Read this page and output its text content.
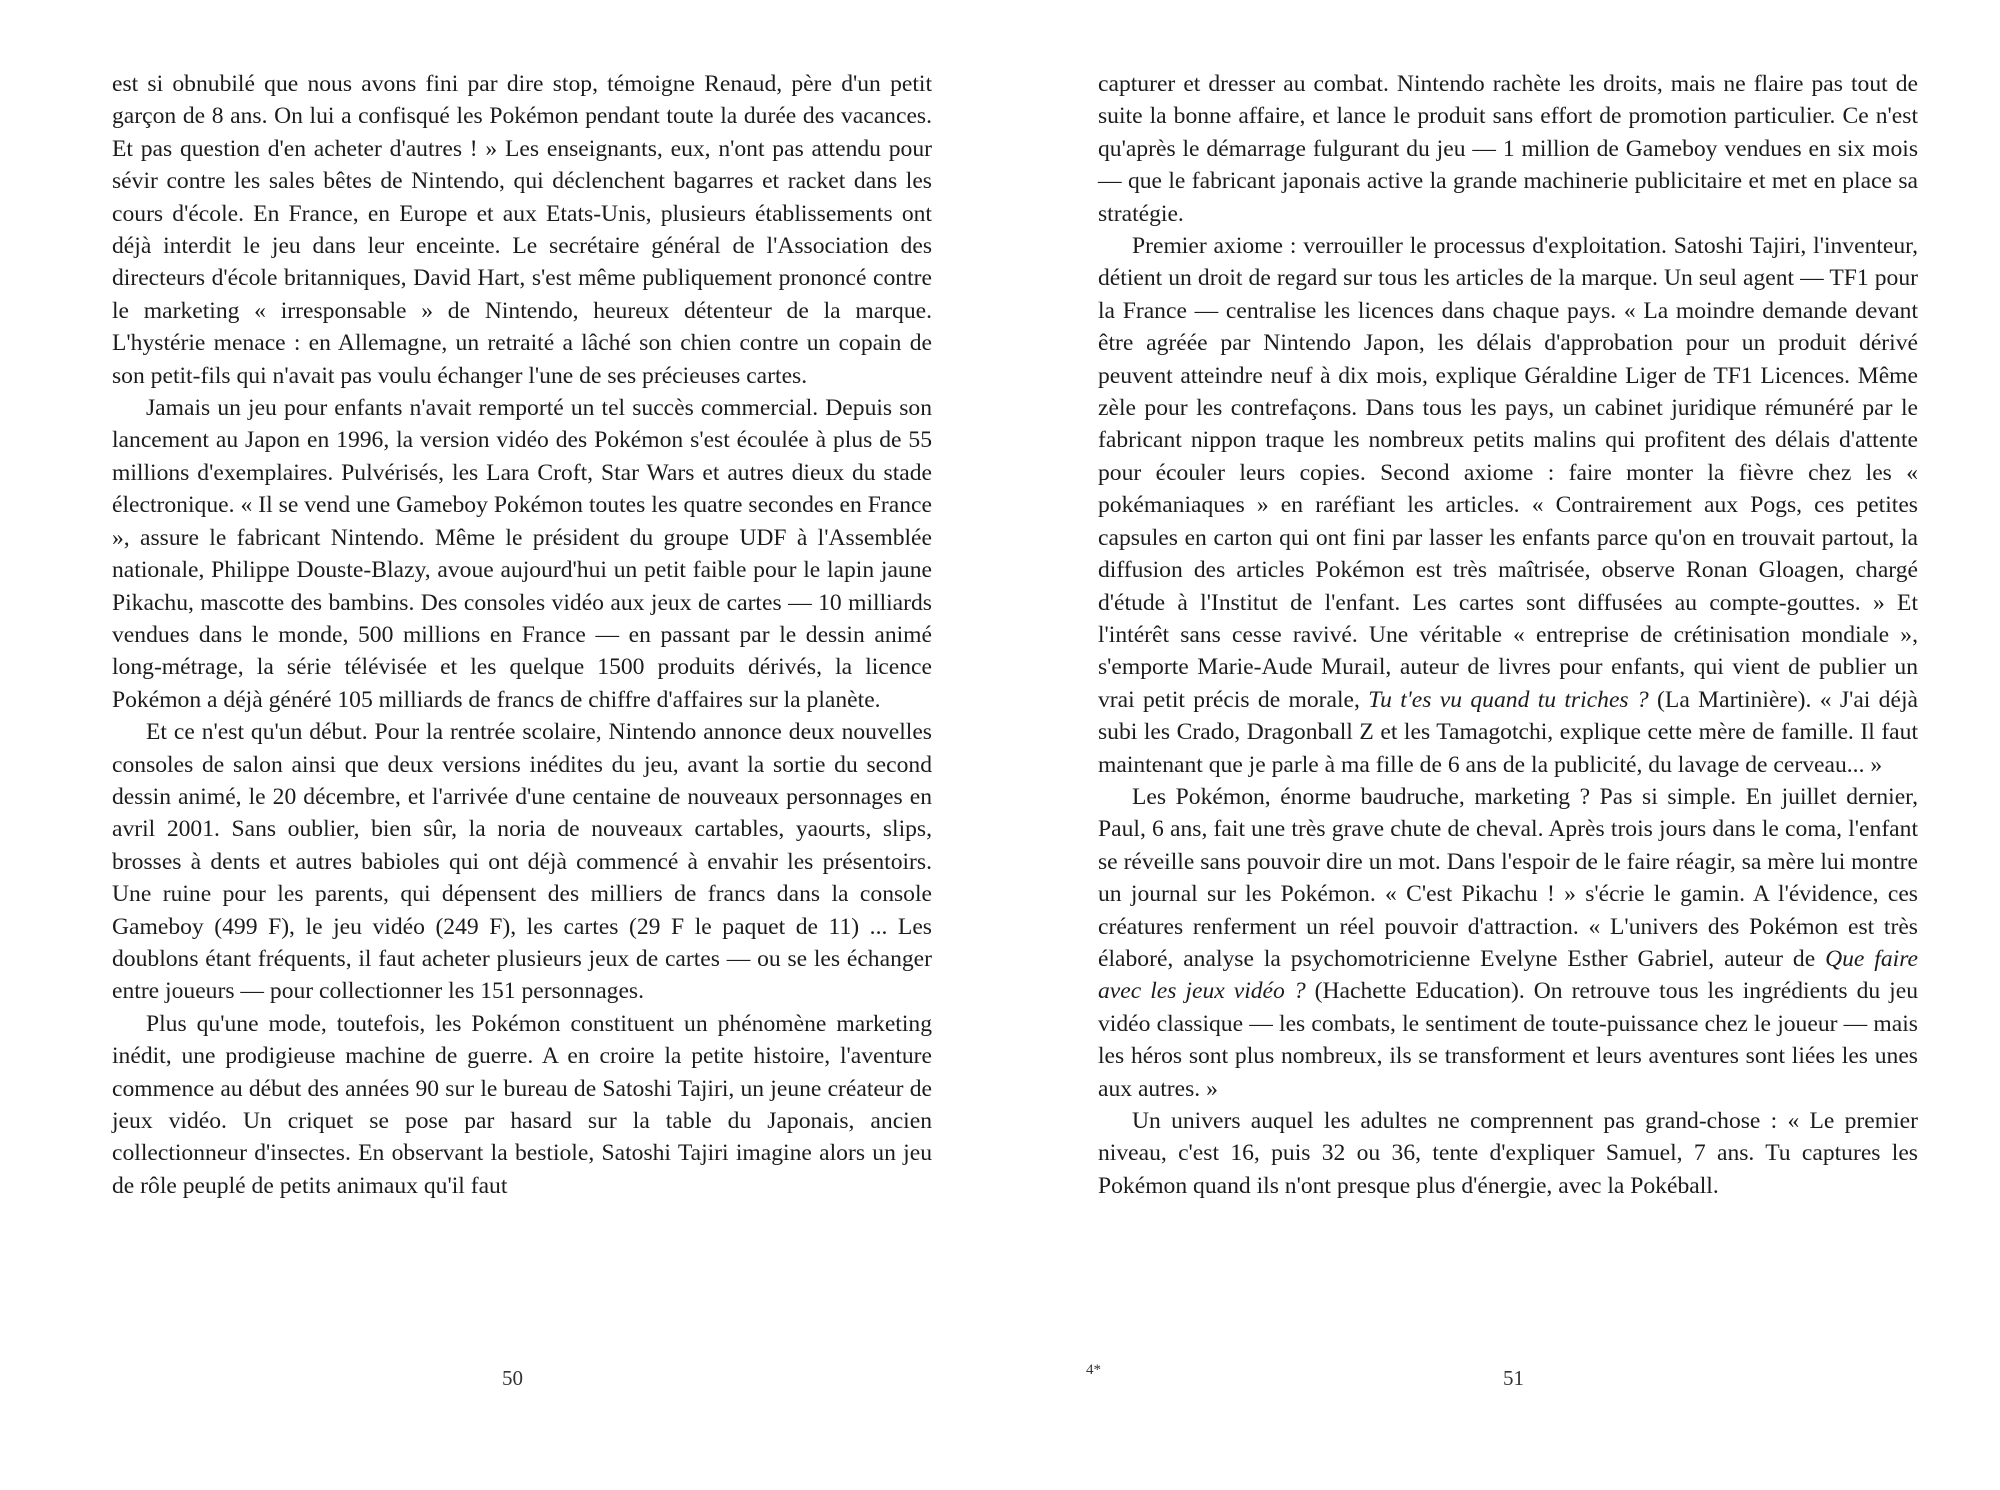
est si obnubilé que nous avons fini par dire stop, témoigne Renaud, père d'un petit garçon de 8 ans. On lui a confisqué les Pokémon pendant toute la durée des vacances. Et pas question d'en acheter d'autres ! » Les enseignants, eux, n'ont pas attendu pour sévir contre les sales bêtes de Nintendo, qui déclenchent bagarres et racket dans les cours d'école. En France, en Europe et aux Etats-Unis, plusieurs établissements ont déjà interdit le jeu dans leur enceinte. Le secrétaire général de l'Association des directeurs d'école britanniques, David Hart, s'est même publiquement prononcé contre le marketing « irresponsable » de Nintendo, heureux détenteur de la marque. L'hystérie menace : en Allemagne, un retraité a lâché son chien contre un copain de son petit-fils qui n'avait pas voulu échanger l'une de ses précieuses cartes.

Jamais un jeu pour enfants n'avait remporté un tel succès commercial. Depuis son lancement au Japon en 1996, la version vidéo des Pokémon s'est écoulée à plus de 55 millions d'exemplaires. Pulvérisés, les Lara Croft, Star Wars et autres dieux du stade électronique. « Il se vend une Gameboy Pokémon toutes les quatre secondes en France », assure le fabricant Nintendo. Même le président du groupe UDF à l'Assemblée nationale, Philippe Douste-Blazy, avoue aujourd'hui un petit faible pour le lapin jaune Pikachu, mascotte des bambins. Des consoles vidéo aux jeux de cartes — 10 milliards vendues dans le monde, 500 millions en France — en passant par le dessin animé long-métrage, la série télévisée et les quelque 1500 produits dérivés, la licence Pokémon a déjà généré 105 milliards de francs de chiffre d'affaires sur la planète.

Et ce n'est qu'un début. Pour la rentrée scolaire, Nintendo annonce deux nouvelles consoles de salon ainsi que deux versions inédites du jeu, avant la sortie du second dessin animé, le 20 décembre, et l'arrivée d'une centaine de nouveaux personnages en avril 2001. Sans oublier, bien sûr, la noria de nouveaux cartables, yaourts, slips, brosses à dents et autres babioles qui ont déjà commencé à envahir les présentoirs. Une ruine pour les parents, qui dépensent des milliers de francs dans la console Gameboy (499 F), le jeu vidéo (249 F), les cartes (29 F le paquet de 11) ... Les doublons étant fréquents, il faut acheter plusieurs jeux de cartes — ou se les échanger entre joueurs — pour collectionner les 151 personnages.

Plus qu'une mode, toutefois, les Pokémon constituent un phénomène marketing inédit, une prodigieuse machine de guerre. A en croire la petite histoire, l'aventure commence au début des années 90 sur le bureau de Satoshi Tajiri, un jeune créateur de jeux vidéo. Un criquet se pose par hasard sur la table du Japonais, ancien collectionneur d'insectes. En observant la bestiole, Satoshi Tajiri imagine alors un jeu de rôle peuplé de petits animaux qu'il faut

capturer et dresser au combat. Nintendo rachète les droits, mais ne flaire pas tout de suite la bonne affaire, et lance le produit sans effort de promotion particulier. Ce n'est qu'après le démarrage fulgurant du jeu — 1 million de Gameboy vendues en six mois — que le fabricant japonais active la grande machinerie publicitaire et met en place sa stratégie.

Premier axiome : verrouiller le processus d'exploitation. Satoshi Tajiri, l'inventeur, détient un droit de regard sur tous les articles de la marque. Un seul agent — TF1 pour la France — centralise les licences dans chaque pays. « La moindre demande devant être agréée par Nintendo Japon, les délais d'approbation pour un produit dérivé peuvent atteindre neuf à dix mois, explique Géraldine Liger de TF1 Licences. Même zèle pour les contrefaçons. Dans tous les pays, un cabinet juridique rémunéré par le fabricant nippon traque les nombreux petits malins qui profitent des délais d'attente pour écouler leurs copies. Second axiome : faire monter la fièvre chez les « pokémaniaques » en raréfiant les articles. « Contrairement aux Pogs, ces petites capsules en carton qui ont fini par lasser les enfants parce qu'on en trouvait partout, la diffusion des articles Pokémon est très maîtrisée, observe Ronan Gloagen, chargé d'étude à l'Institut de l'enfant. Les cartes sont diffusées au compte-gouttes. » Et l'intérêt sans cesse ravivé. Une véritable « entreprise de crétinisation mondiale », s'emporte Marie-Aude Murail, auteur de livres pour enfants, qui vient de publier un vrai petit précis de morale, Tu t'es vu quand tu triches ? (La Martinière). « J'ai déjà subi les Crado, Dragonball Z et les Tamagotchi, explique cette mère de famille. Il faut maintenant que je parle à ma fille de 6 ans de la publicité, du lavage de cerveau... »

Les Pokémon, énorme baudruche, marketing ? Pas si simple. En juillet dernier, Paul, 6 ans, fait une très grave chute de cheval. Après trois jours dans le coma, l'enfant se réveille sans pouvoir dire un mot. Dans l'espoir de le faire réagir, sa mère lui montre un journal sur les Pokémon. « C'est Pikachu ! » s'écrie le gamin. A l'évidence, ces créatures renferment un réel pouvoir d'attraction. « L'univers des Pokémon est très élaboré, analyse la psychomotricienne Evelyne Esther Gabriel, auteur de Que faire avec les jeux vidéo ? (Hachette Education). On retrouve tous les ingrédients du jeu vidéo classique — les combats, le sentiment de toute-puissance chez le joueur — mais les héros sont plus nombreux, ils se transforment et leurs aventures sont liées les unes aux autres. »

Un univers auquel les adultes ne comprennent pas grand-chose : « Le premier niveau, c'est 16, puis 32 ou 36, tente d'expliquer Samuel, 7 ans. Tu captures les Pokémon quand ils n'ont presque plus d'énergie, avec la Pokéball.

50	4*	51
